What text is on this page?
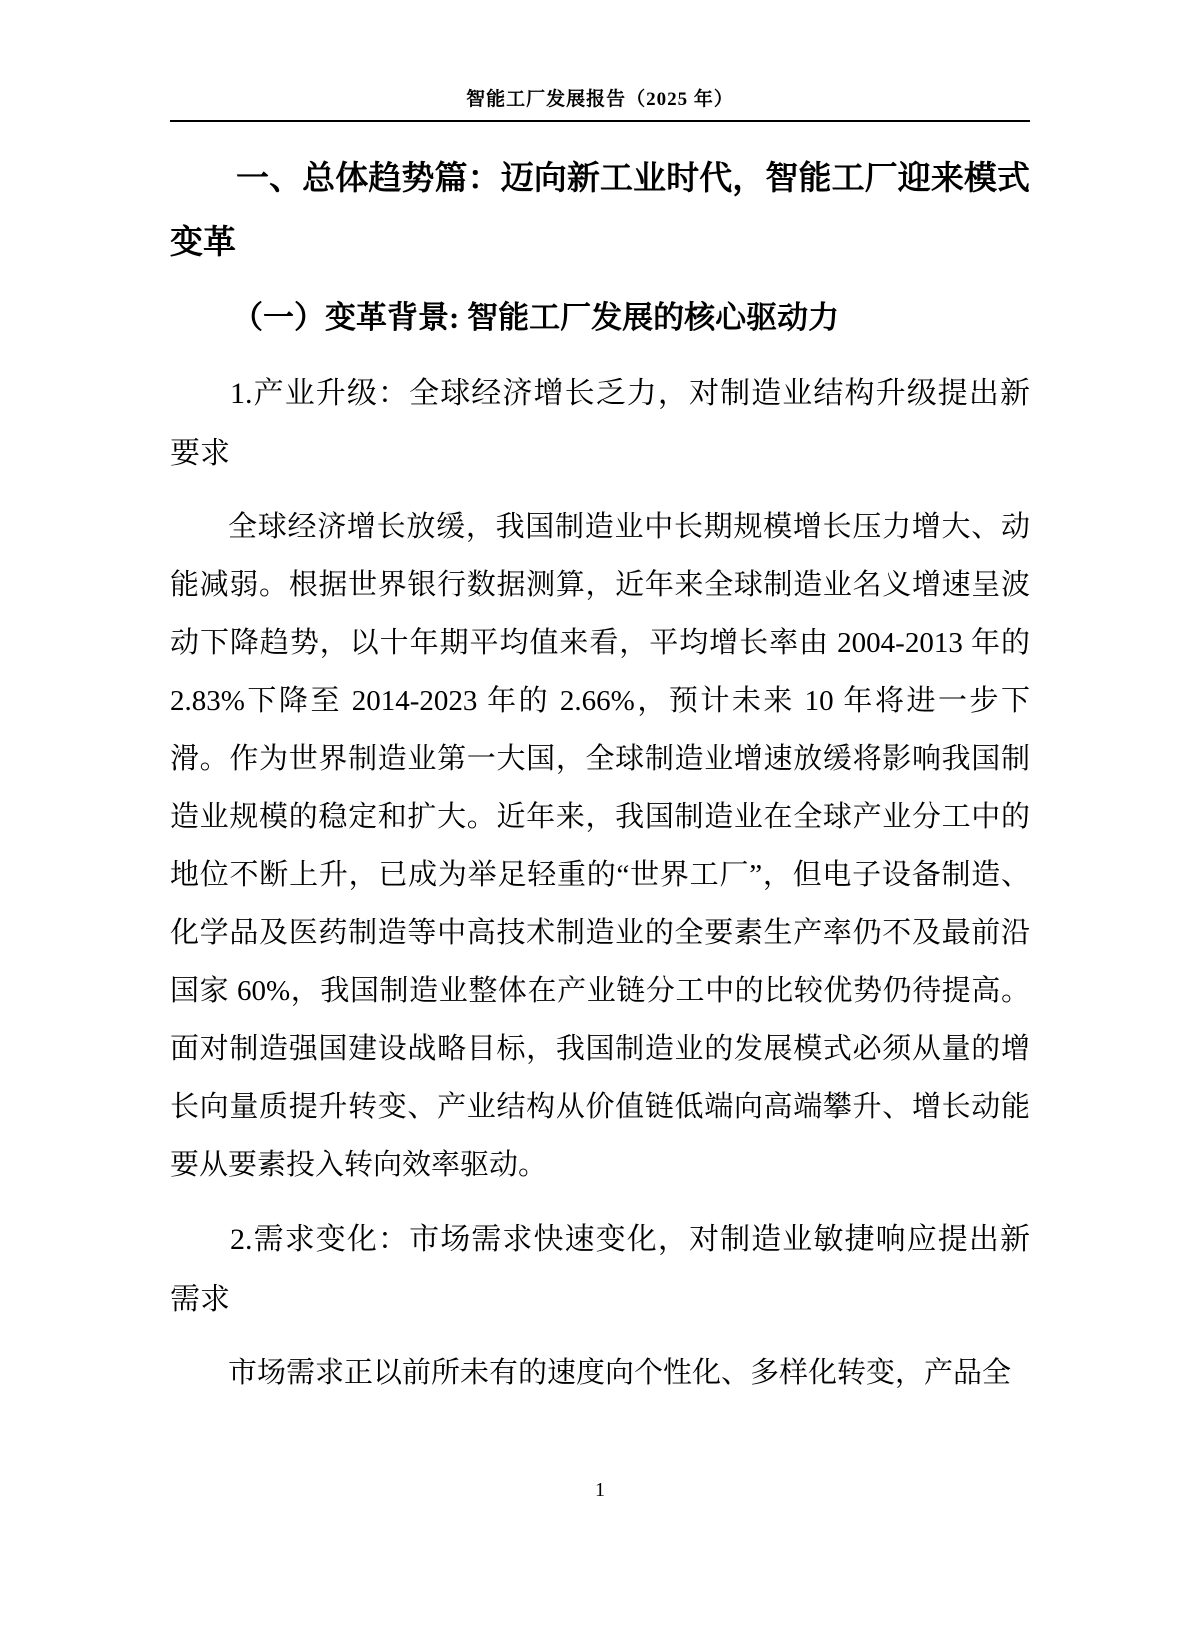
智能工厂发展报告（2025 年）
一、总体趋势篇：迈向新工业时代，智能工厂迎来模式变革
（一）变革背景: 智能工厂发展的核心驱动力
1.产业升级：全球经济增长乏力，对制造业结构升级提出新要求

全球经济增长放缓，我国制造业中长期规模增长压力增大、动能减弱。根据世界银行数据测算，近年来全球制造业名义增速呈波动下降趋势，以十年期平均值来看，平均增长率由 2004-2013 年的 2.83%下降至 2014-2023 年的 2.66%，预计未来 10 年将进一步下滑。作为世界制造业第一大国，全球制造业增速放缓将影响我国制造业规模的稳定和扩大。近年来，我国制造业在全球产业分工中的地位不断上升，已成为举足轻重的“世界工厂”，但电子设备制造、化学品及医药制造等中高技术制造业的全要素生产率仍不及最前沿国家 60%，我国制造业整体在产业链分工中的比较优势仍待提高。面对制造强国建设战略目标，我国制造业的发展模式必须从量的增长向量质提升转变、产业结构从价值链低端向高端攀升、增长动能要从要素投入转向效率驱动。

2.需求变化：市场需求快速变化，对制造业敏捷响应提出新需求

市场需求正以前所未有的速度向个性化、多样化转变，产品全

1
